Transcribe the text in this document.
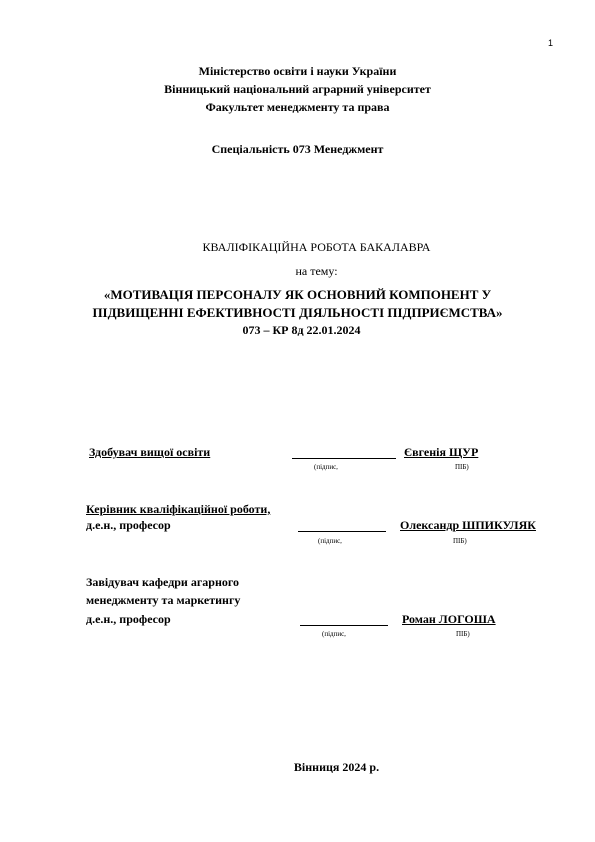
1
Міністерство освіти і науки України
Вінницький національний аграрний університет
Факультет менеджменту та права
Спеціальність 073 Менеджмент
КВАЛІФІКАЦІЙНА РОБОТА БАКАЛАВРА
на тему:
«МОТИВАЦІЯ ПЕРСОНАЛУ ЯК ОСНОВНИЙ КОМПОНЕНТ У
ПІДВИЩЕННІ ЕФЕКТИВНОСТІ ДІЯЛЬНОСТІ ПІДПРИЄМСТВА»
073 – КР 8д 22.01.2024
Здобувач вищої освіти	Євгенія ЩУР
(підпис,	ПІБ)
Керівник кваліфікаційної роботи,
д.е.н., професор	Олександр ШПИКУЛЯК
(підпис,	ПІБ)
Завідувач кафедри агарного
менеджменту та маркетингу
д.е.н., професор	Роман ЛОГОША
(підпис,	ПІБ)
Вінниця 2024 р.
